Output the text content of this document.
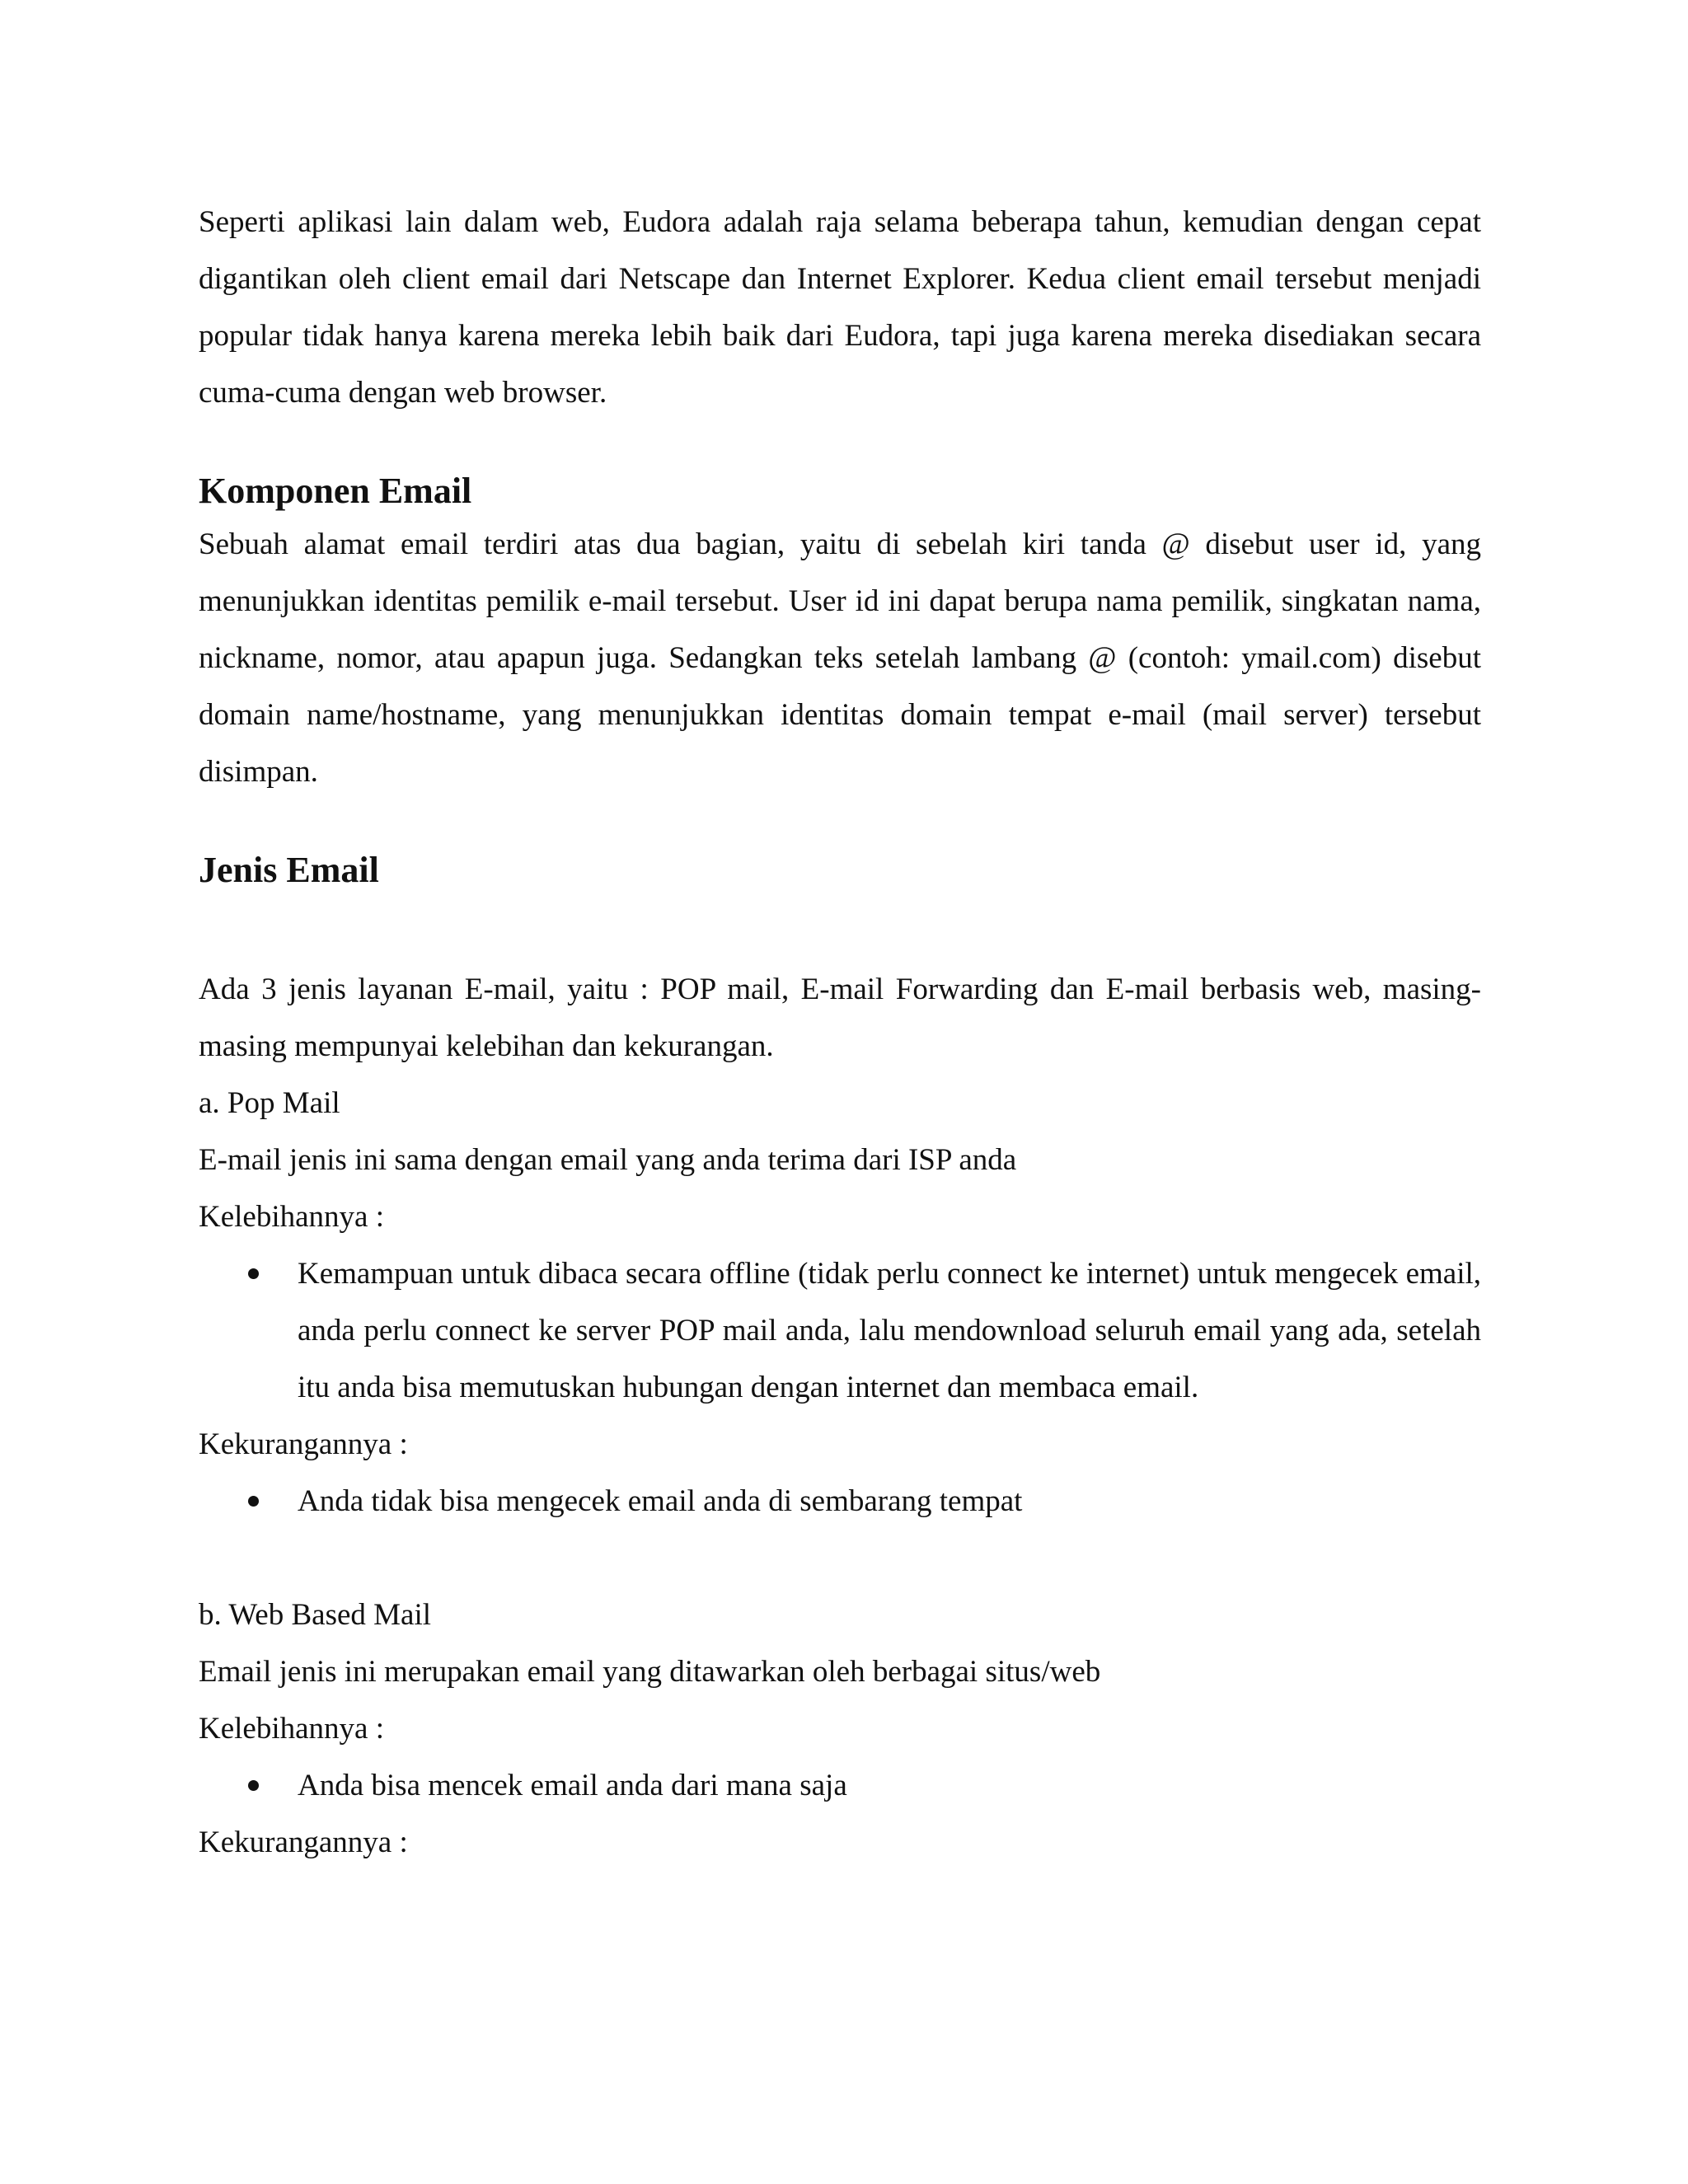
Seperti aplikasi lain dalam web, Eudora adalah raja selama beberapa tahun, kemudian dengan cepat digantikan oleh client email dari Netscape dan Internet Explorer. Kedua client email tersebut menjadi popular tidak hanya karena mereka lebih baik dari Eudora, tapi juga karena mereka disediakan secara cuma-cuma dengan web browser.

Komponen Email

Sebuah alamat email terdiri atas dua bagian, yaitu di sebelah kiri tanda @ disebut user id, yang menunjukkan identitas pemilik e-mail tersebut. User id ini dapat berupa nama pemilik, singkatan nama, nickname, nomor, atau apapun juga. Sedangkan teks setelah lambang @ (contoh: ymail.com) disebut domain name/hostname, yang menunjukkan identitas domain tempat e-mail (mail server) tersebut disimpan.

Jenis Email

Ada 3 jenis layanan E-mail, yaitu : POP mail, E-mail Forwarding dan E-mail berbasis web, masing-masing mempunyai kelebihan dan kekurangan.

a. Pop Mail

E-mail jenis ini sama dengan email yang anda terima dari ISP anda

Kelebihannya :

Kemampuan untuk dibaca secara offline (tidak perlu connect ke internet) untuk mengecek email, anda perlu connect ke server POP mail anda, lalu mendownload seluruh email yang ada, setelah itu anda bisa memutuskan hubungan dengan internet dan membaca email.

Kekurangannya :

Anda tidak bisa mengecek email anda di sembarang tempat

b. Web Based Mail

Email jenis ini merupakan email yang ditawarkan oleh berbagai situs/web

Kelebihannya :

Anda bisa mencek email anda dari mana saja

Kekurangannya :
